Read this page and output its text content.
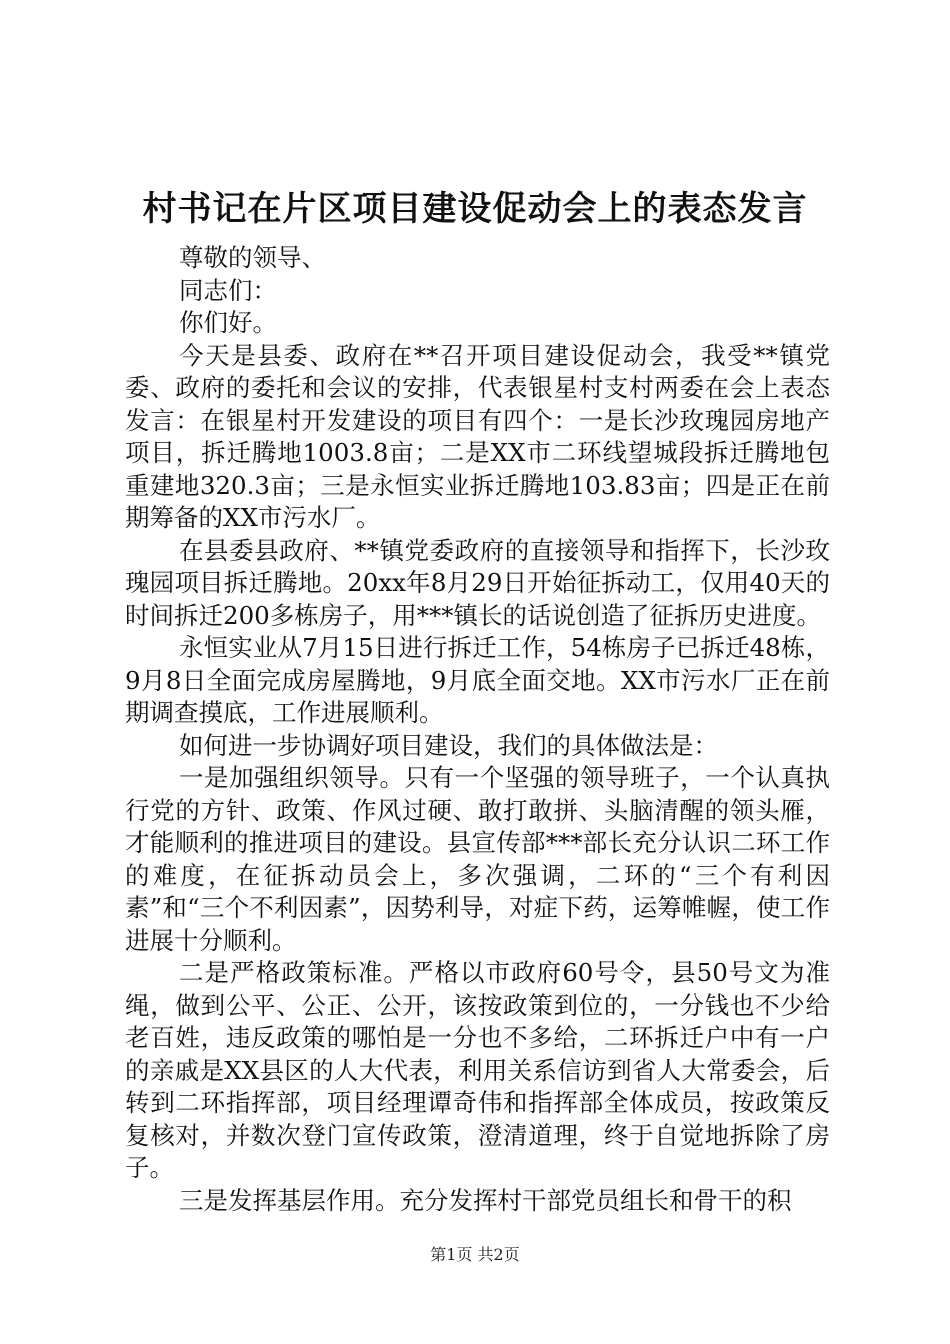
村书记在片区项目建设促动会上的表态发言

尊敬的领导、

同志们：

你们好。

今天是县委、政府在**召开项目建设促动会，我受**镇党委、政府的委托和会议的安排，代表银星村支村两委在会上表态发言：在银星村开发建设的项目有四个：一是长沙玫瑰园房地产项目，拆迁腾地1003.8亩；二是XX市二环线望城段拆迁腾地包重建地320.3亩；三是永恒实业拆迁腾地103.83亩；四是正在前期筹备的XX市污水厂。

在县委县政府、**镇党委政府的直接领导和指挥下，长沙玫瑰园项目拆迁腾地。20xx年8月29日开始征拆动工，仅用40天的时间拆迁200多栋房子，用***镇长的话说创造了征拆历史进度。

永恒实业从7月15日进行拆迁工作，54栋房子已拆迁48栋，9月8日全面完成房屋腾地，9月底全面交地。XX市污水厂正在前期调查摸底，工作进展顺利。

如何进一步协调好项目建设，我们的具体做法是：

一是加强组织领导。只有一个坚强的领导班子，一个认真执行党的方针、政策、作风过硬、敢打敢拼、头脑清醒的领头雁，才能顺利的推进项目的建设。县宣传部***部长充分认识二环工作的难度，在征拆动员会上，多次强调，二环的“三个有利因素”和“三个不利因素”，因势利导，对症下药，运筹帷幄，使工作进展十分顺利。

二是严格政策标准。严格以市政府60号令，县50号文为准绳，做到公平、公正、公开，该按政策到位的，一分钱也不少给老百姓，违反政策的哪怕是一分也不多给，二环拆迁户中有一户的亲戚是XX县区的人大代表，利用关系信访到省人大常委会，后转到二环指挥部，项目经理谭奇伟和指挥部全体成员，按政策反复核对，并数次登门宣传政策，澄清道理，终于自觉地拆除了房子。

三是发挥基层作用。充分发挥村干部党员组长和骨干的积

第1页 共2页
